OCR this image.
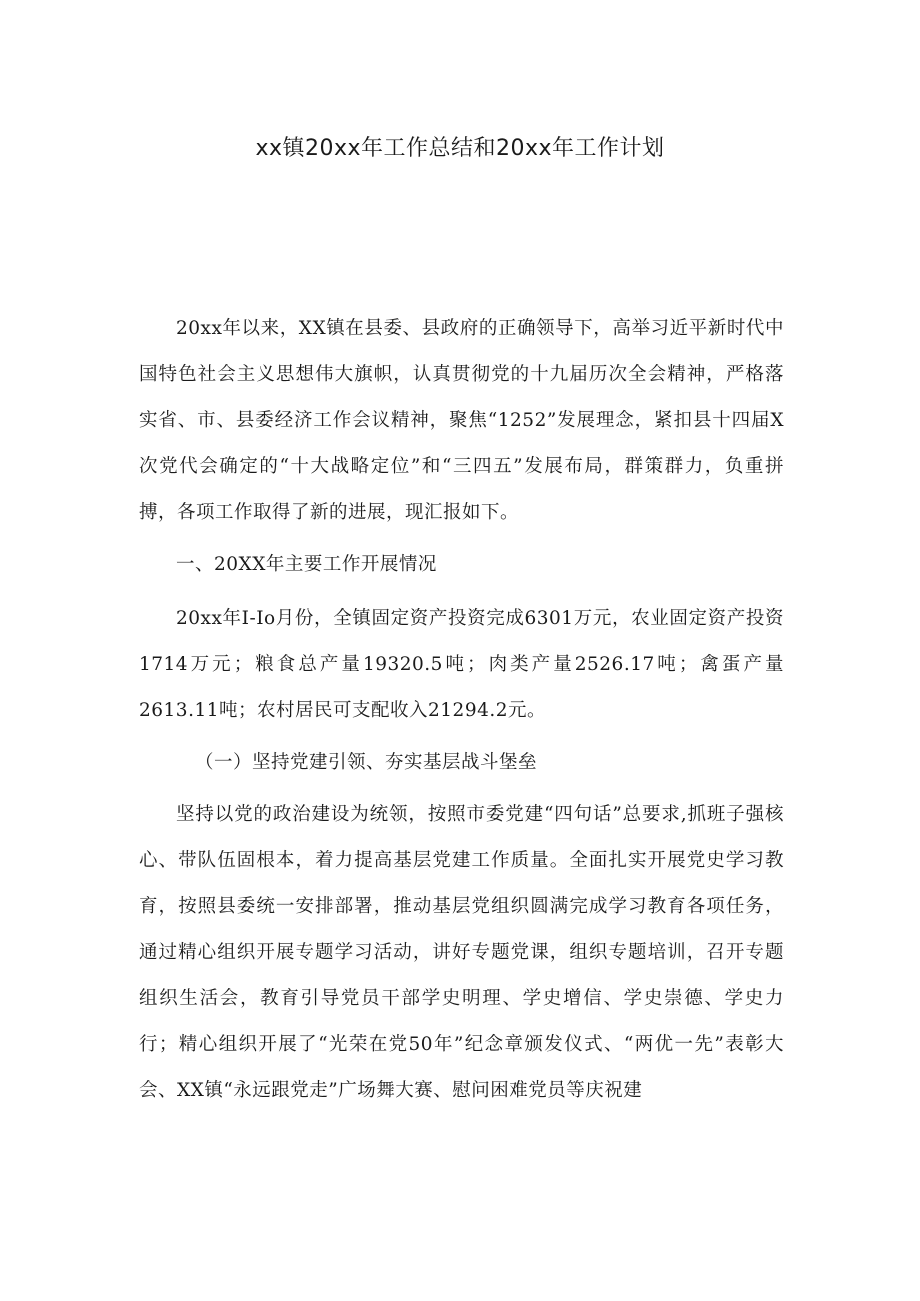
xx镇20xx年工作总结和20xx年工作计划

20xx年以来，XX镇在县委、县政府的正确领导下，高举习近平新时代中国特色社会主义思想伟大旗帜，认真贯彻党的十九届历次全会精神，严格落实省、市、县委经济工作会议精神，聚焦“1252”发展理念，紧扣县十四届X次党代会确定的“十大战略定位”和“三四五”发展布局，群策群力，负重拼搏，各项工作取得了新的进展，现汇报如下。

一、20XX年主要工作开展情况

20xx年I-Io月份，全镇固定资产投资完成6301万元，农业固定资产投资1714万元；粮食总产量19320.5吨；肉类产量2526.17吨；禽蛋产量2613.11吨；农村居民可支配收入21294.2元。

（一）坚持党建引领、夯实基层战斗堡垒

坚持以党的政治建设为统领，按照市委党建“四句话”总要求,抓班子强核心、带队伍固根本，着力提高基层党建工作质量。全面扎实开展党史学习教育，按照县委统一安排部署，推动基层党组织圆满完成学习教育各项任务，通过精心组织开展专题学习活动，讲好专题党课，组织专题培训，召开专题组织生活会，教育引导党员干部学史明理、学史增信、学史崇德、学史力行；精心组织开展了“光荣在党50年”纪念章颁发仪式、“两优一先”表彰大会、XX镇“永远跟党走”广场舞大赛、慰问困难党员等庆祝建
